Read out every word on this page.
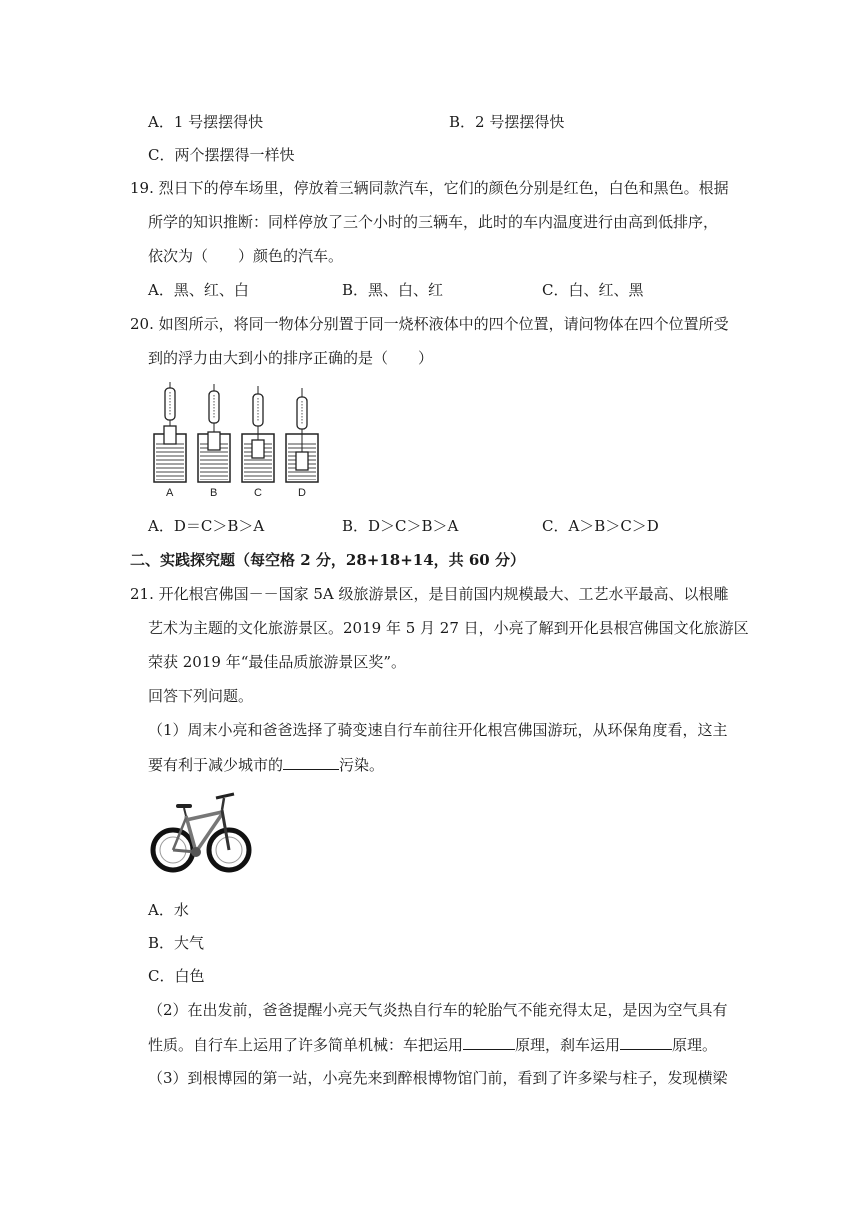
A．1 号摆摆得快	B．2 号摆摆得快
C．两个摆摆得一样快
19. 烈日下的停车场里，停放着三辆同款汽车，它们的颜色分别是红色，白色和黑色。根据
所学的知识推断：同样停放了三个小时的三辆车，此时的车内温度进行由高到低排序，
依次为（　　）颜色的汽车。
A．黑、红、白	B．黑、白、红	C．白、红、黑
20. 如图所示，将同一物体分别置于同一烧杯液体中的四个位置，请问物体在四个位置所受
到的浮力由大到小的排序正确的是（　　）
A	B	C	D
A．D＝C＞B＞A	B．D＞C＞B＞A	C．A＞B＞C＞D
二、实践探究题（每空格 2 分，28+18+14，共 60 分）
21. 开化根宫佛国－－国家 5A 级旅游景区，是目前国内规模最大、工艺水平最高、以根雕
艺术为主题的文化旅游景区。2019 年 5 月 27 日，小亮了解到开化县根宫佛国文化旅游区
荣获 2019 年“最佳品质旅游景区奖”。
回答下列问题。
（1）周末小亮和爸爸选择了骑变速自行车前往开化根宫佛国游玩，从环保角度看，这主
要有利于减少城市的	污染。
A．水
B．大气
C．白色
（2）在出发前，爸爸提醒小亮天气炎热自行车的轮胎气不能充得太足，是因为空气具有
性质。自行车上运用了许多简单机械：车把运用	原理，刹车运用	原理。
（3）到根博园的第一站，小亮先来到醉根博物馆门前，看到了许多梁与柱子，发现横梁
